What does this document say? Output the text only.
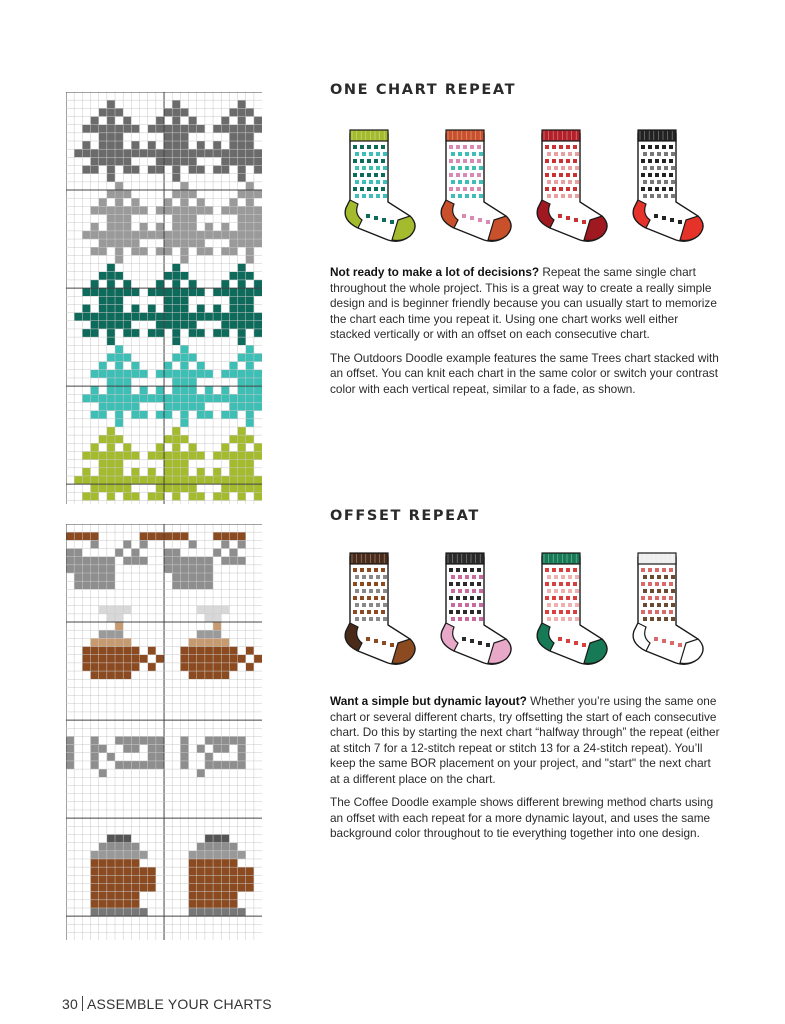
ONE CHART REPEAT

Not ready to make a lot of decisions? Repeat the same single chart throughout the whole project. This is a great way to create a really simple design and is beginner friendly because you can usually start to memorize the chart each time you repeat it. Using one chart works well either stacked vertically or with an offset on each consecutive chart.

The Outdoors Doodle example features the same Trees chart stacked with an offset. You can knit each chart in the same color or switch your contrast color with each vertical repeat, similar to a fade, as shown.

OFFSET REPEAT

Want a simple but dynamic layout? Whether you’re using the same one chart or several different charts, try offsetting the start of each consecutive chart. Do this by starting the next chart “halfway through” the repeat (either at stitch 7 for a 12-stitch repeat or stitch 13 for a 24-stitch repeat). You’ll keep the same BOR placement on your project, and "start" the next chart at a different place on the chart.

The Coffee Doodle example shows different brewing method charts using an offset with each repeat for a more dynamic layout, and uses the same background color throughout to tie everything together into one design.

30 ASSEMBLE YOUR CHARTS
